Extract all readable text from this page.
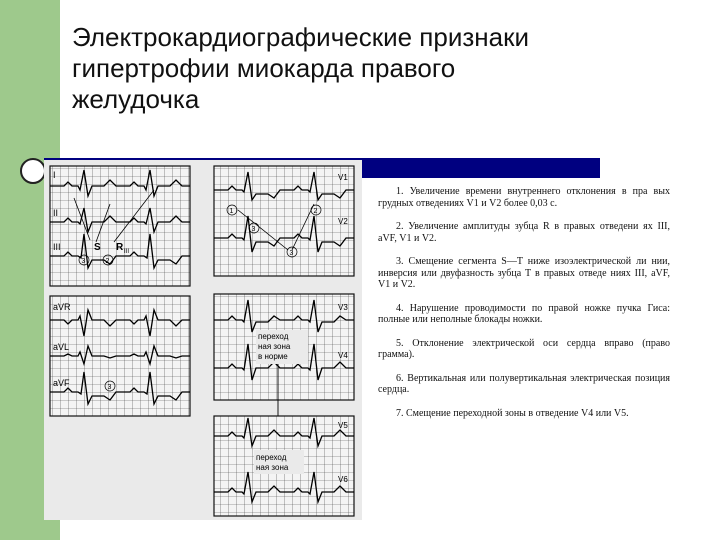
Электрокардиографические признаки
гипертрофии миокарда правого
желудочка
I
II
III	S R III
3	2
aVR
aVL
aVF	3
V1
V2
1	2
3
3
V3
V4
переход
ная зона
в норме
V5
V6
переход
ная зона
1. Увеличение времени внутреннего отклонения в пра вых грудных отведениях V1 и V2 более 0,03 с.
2. Увеличение амплитуды зубца R в правых отведени ях III, aVF, V1 и V2.
3. Смещение сегмента S—T ниже изоэлектрической ли нии, инверсия или двуфазность зубца Т в правых отведе ниях III, aVF, V1 и V2.
4. Нарушение проводимости по правой ножке пучка Гиса: полные или неполные блокады ножки.
5. Отклонение электрической оси сердца вправо (право грамма).
6. Вертикальная или полувертикальная электрическая позиция сердца.
7. Смещение переходной зоны в отведение V4 или V5.
